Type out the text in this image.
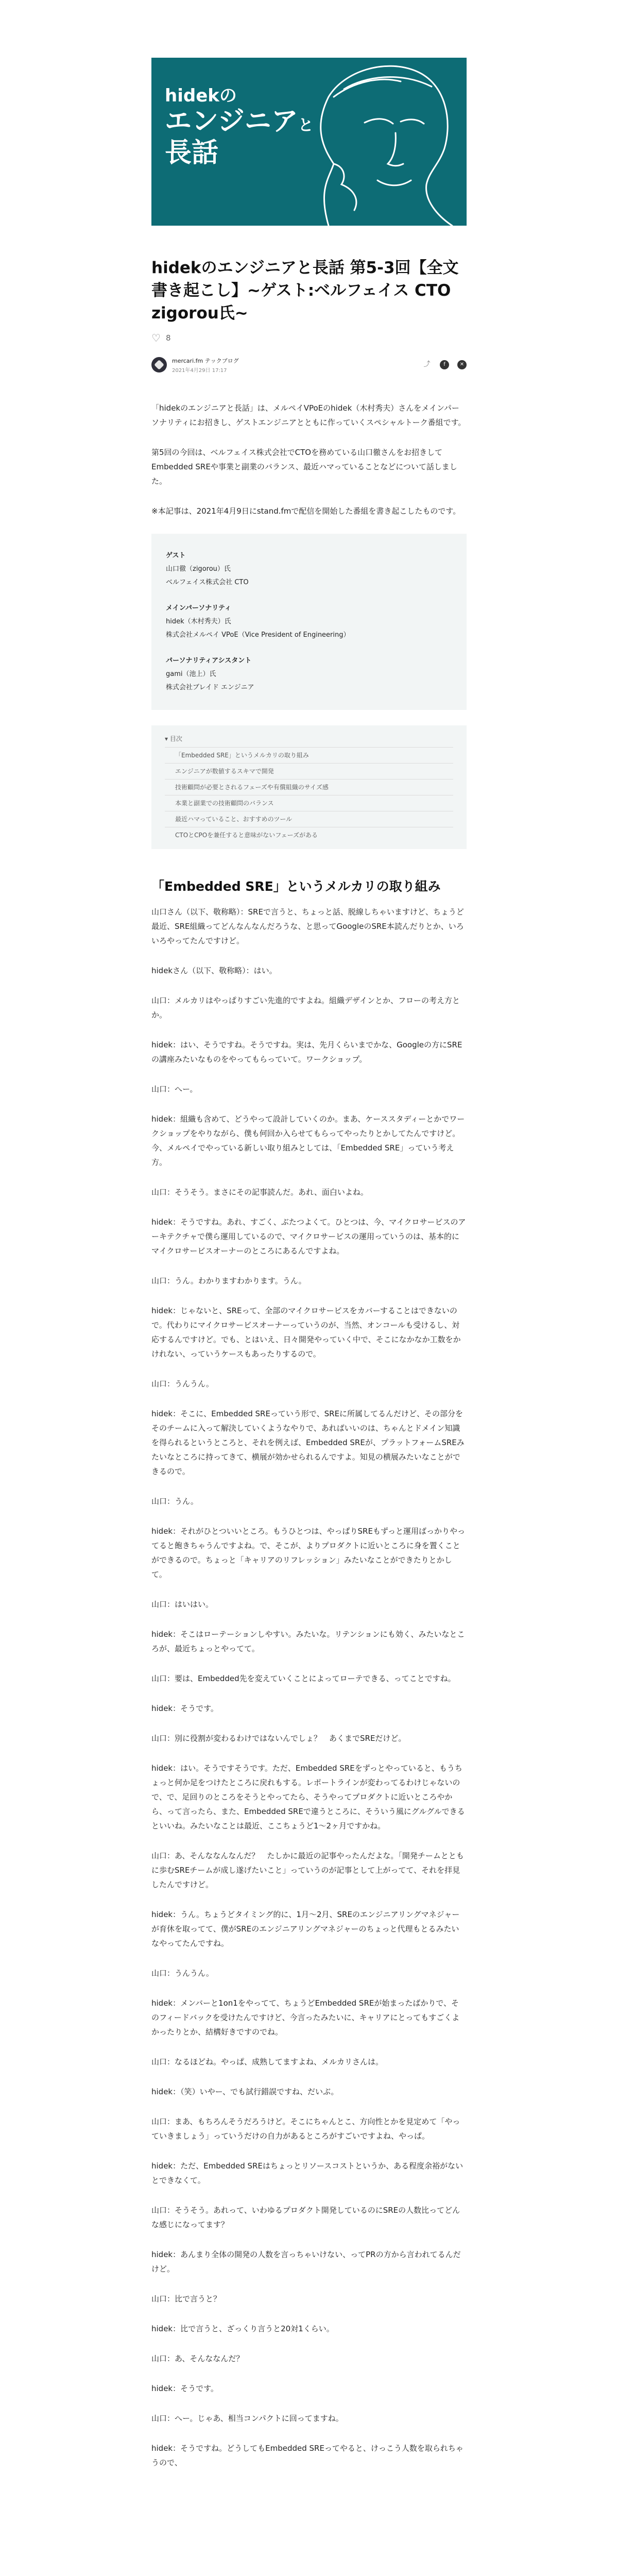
hidekの
エンジニアと
長話
hidekのエンジニアと長話 第5-3回【全文書き起こし】~ゲスト:ベルフェイス CTO zigorou氏~
♡ 8
mercari.fm テックブログ
2021年4月29日 17:17
⤴	f	✕

「hidekのエンジニアと長話」は、メルペイVPoEのhidek（木村秀夫）さんをメインパーソナリティにお招きし、ゲストエンジニアとともに作っていくスペシャルトーク番組です。

第5回の今回は、ベルフェイス株式会社でCTOを務めている山口徹さんをお招きしてEmbedded SREや事業と副業のバランス、最近ハマっていることなどについて話しました。

※本記事は、2021年4月9日にstand.fmで配信を開始した番組を書き起こしたものです。

ゲスト
山口徹（zigorou）氏
ベルフェイス株式会社 CTO
メインパーソナリティ
hidek（木村秀夫）氏
株式会社メルペイ VPoE（Vice President of Engineering）
パーソナリティアシスタント
gami（池上）氏
株式会社ブレイド エンジニア
▾ 目次
「Embedded SRE」というメルカリの取り組み
エンジニアが数値するスキマで開発
技術顧問が必要とされるフェーズや有償組織のサイズ感
本業と副業での技術顧問のバランス
最近ハマっていること、おすすめのツール
CTOとCPOを兼任すると意味がないフェーズがある
「Embedded SRE」というメルカリの取り組み

山口さん（以下、敬称略）：SREで言うと、ちょっと話、脱線しちゃいますけど、ちょうど最近、SRE組織ってどんなんなんだろうな、と思ってGoogleのSRE本読んだりとか、いろいろやってたんですけど。

hidekさん（以下、敬称略）：はい。

山口：メルカリはやっぱりすごい先進的ですよね。組織デザインとか、フローの考え方とか。

hidek：はい、そうですね。そうですね。実は、先月くらいまでかな、Googleの方にSREの講座みたいなものをやってもらっていて。ワークショップ。

山口：へー。

hidek：組織も含めて、どうやって設計していくのか。まあ、ケーススタディーとかでワークショップをやりながら、僕も何回か入らせてもらってやったりとかしてたんですけど。今、メルペイでやっている新しい取り組みとしては、「Embedded SRE」っていう考え方。

山口：そうそう。まさにその記事読んだ。あれ、面白いよね。

hidek：そうですね。あれ、すごく、ぶたつよくて。ひとつは、今、マイクロサービスのアーキテクチャで僕ら運用しているので、マイクロサービスの運用っていうのは、基本的にマイクロサービスオーナーのところにあるんですよね。

山口：うん。わかりますわかります。うん。

hidek：じゃないと、SREって、全部のマイクロサービスをカバーすることはできないので。代わりにマイクロサービスオーナーっていうのが、当然、オンコールも受けるし、対応するんですけど。でも、とはいえ、日々開発やっていく中で、そこになかなか工数をかけれない、っていうケースもあったりするので。

山口：うんうん。

hidek：そこに、Embedded SREっていう形で、SREに所属してるんだけど、その部分をそのチームに入って解決していくようなやりで、あればいいのは、ちゃんとドメイン知識を得られるというところと、それを例えば、Embedded SREが、プラットフォームSREみたいなところに持ってきて、横展が効かせられるんですよ。知見の横展みたいなことができるので。

山口：うん。

hidek：それがひとついいところ。もうひとつは、やっぱりSREもずっと運用ばっかりやってると飽きちゃうんですよね。で、そこが、よりプロダクトに近いところに身を置くことができるので。ちょっと「キャリアのリフレッション」みたいなことができたりとかして。

山口：はいはい。

hidek：そこはローテーションしやすい。みたいな。リテンションにも効く、みたいなところが、最近ちょっとやってて。

山口：要は、Embedded先を変えていくことによってローテできる、ってことですね。

hidek：そうです。

山口：別に役割が変わるわけではないんでしょ？　あくまでSREだけど。

hidek：はい。そうですそうです。ただ、Embedded SREをずっとやっていると、もうちょっと何か足をつけたところに戻れもする。レポートラインが変わってるわけじゃないので、で、足回りのところをそうとやってたら、そうやってプロダクトに近いところやから、って言ったら、また、Embedded SREで違うところに、そういう風にグルグルできるといいね。みたいなことは最近、ここちょうど1〜2ヶ月ですかね。

山口：あ、そんななんなんだ？　たしかに最近の記事やったんだよな。「開発チームとともに歩むSREチームが成し遂げたいこと」っていうのが記事として上がってて、それを拝見したんですけど。

hidek：うん。ちょうどタイミング的に、1月〜2月、SREのエンジニアリングマネジャーが育休を取ってて、僕がSREのエンジニアリングマネジャーのちょっと代理もとるみたいなやってたんですね。

山口：うんうん。

hidek：メンバーと1on1をやってて、ちょうどEmbedded SREが始まったばかりで、そのフィードバックを受けたんですけど、今言ったみたいに、キャリアにとってもすごくよかったりとか、結構好きですのでね。

山口：なるほどね。やっぱ、成熟してますよね、メルカリさんは。

hidek：（笑）いやー、でも試行錯誤ですね、だいぶ。

山口：まあ、もちろんそうだろうけど。そこにちゃんとこ、方向性とかを見定めて「やっていきましょう」っていうだけの自力があるところがすごいですよね、やっぱ。

hidek：ただ、Embedded SREはちょっとリソースコストというか、ある程度余裕がないとできなくて。

山口：そうそう。あれって、いわゆるプロダクト開発しているのにSREの人数比ってどんな感じになってます？

hidek：あんまり全体の開発の人数を言っちゃいけない、ってPRの方から言われてるんだけど。

山口：比で言うと？

hidek：比で言うと、ざっくり言うと20対1くらい。

山口：あ、そんななんだ？

hidek：そうです。

山口：へー。じゃあ、相当コンパクトに回ってますね。

hidek：そうですね。どうしてもEmbedded SREってやると、けっこう人数を取られちゃうので、
